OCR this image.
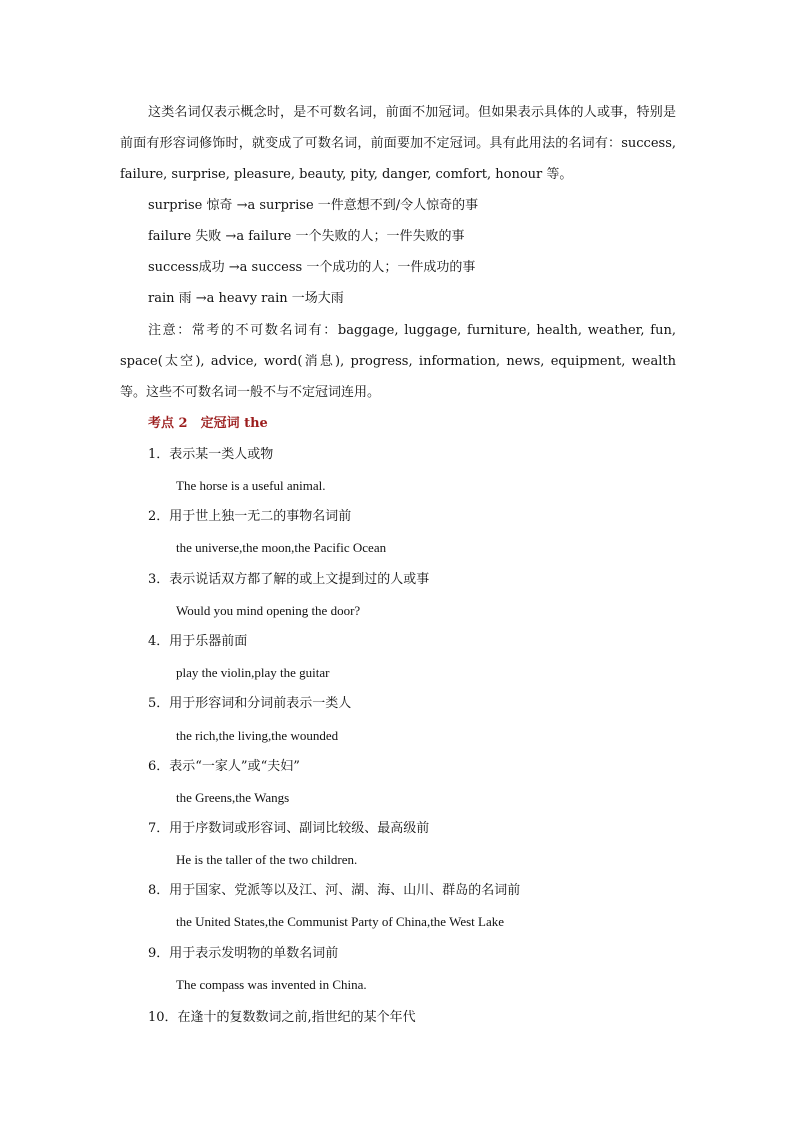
这类名词仅表示概念时，是不可数名词，前面不加冠词。但如果表示具体的人或事，特别是前面有形容词修饰时，就变成了可数名词，前面要加不定冠词。具有此用法的名词有：success, failure, surprise, pleasure, beauty, pity, danger, comfort, honour 等。
surprise 惊奇 →a surprise 一件意想不到/令人惊奇的事
failure 失败 →a failure 一个失败的人；一件失败的事
success成功 →a success 一个成功的人；一件成功的事
rain 雨 →a heavy rain 一场大雨
注意：常考的不可数名词有：baggage, luggage, furniture, health, weather, fun, space(太空), advice, word(消息), progress, information, news, equipment, wealth 等。这些不可数名词一般不与不定冠词连用。
考点 2　定冠词 the
1．表示某一类人或物
The horse is a useful animal.
2．用于世上独一无二的事物名词前
the universe,the moon,the Pacific Ocean
3．表示说话双方都了解的或上文提到过的人或事
Would you mind opening the door?
4．用于乐器前面
play the violin,play the guitar
5．用于形容词和分词前表示一类人
the rich,the living,the wounded
6．表示“一家人”或“夫妇”
the Greens,the Wangs
7．用于序数词或形容词、副词比较级、最高级前
He is the taller of the two children.
8．用于国家、党派等以及江、河、湖、海、山川、群岛的名词前
the United States,the Communist Party of China,the West Lake
9．用于表示发明物的单数名词前
The compass was invented in China.
10．在逢十的复数数词之前,指世纪的某个年代
